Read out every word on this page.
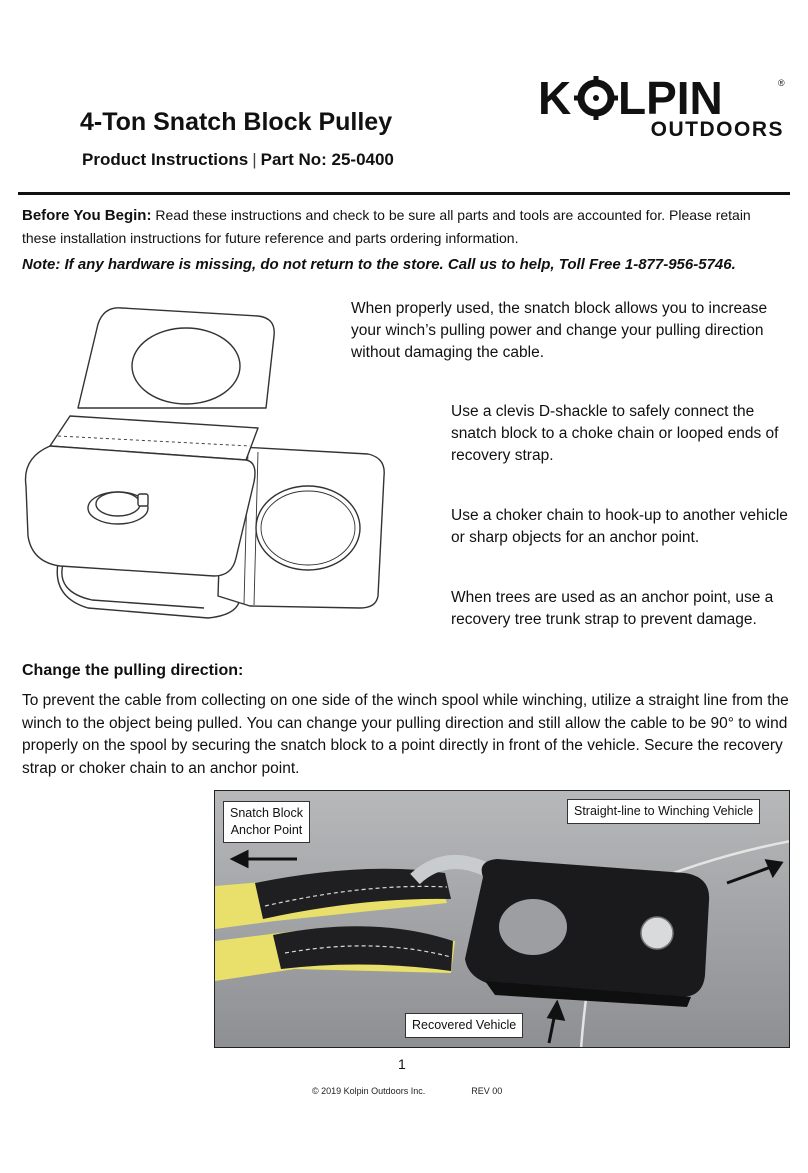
4-Ton Snatch Block Pulley
Product Instructions | Part No: 25-0400
K LPIN	®
OUTDOORS
Before You Begin: Read these instructions and check to be sure all parts and tools are accounted for. Please retain these installation instructions for future reference and parts ordering information.
Note: If any hardware is missing, do not return to the store. Call us to help, Toll Free 1-877-956-5746.
When properly used, the snatch block allows you to increase your winch’s pulling power and change your pulling direction without damaging the cable.
Use a clevis D-shackle to safely connect the snatch block to a choke chain or looped ends of recovery strap.
Use a choker chain to hook-up to another vehicle or sharp objects for an anchor point.
When trees are used as an anchor point, use a recovery tree trunk strap to prevent damage.
Change the pulling direction:
To prevent the cable from collecting on one side of the winch spool while winching, utilize a straight line from the winch to the object being pulled. You can change your pulling direction and still allow the cable to be 90° to wind properly on the spool by securing the snatch block to a point directly in front of the vehicle. Secure the recovery strap or choker chain to an anchor point.
Snatch Block
Anchor Point
Straight-line to Winching Vehicle
Recovered Vehicle
1
© 2019 Kolpin Outdoors Inc.	REV 00
